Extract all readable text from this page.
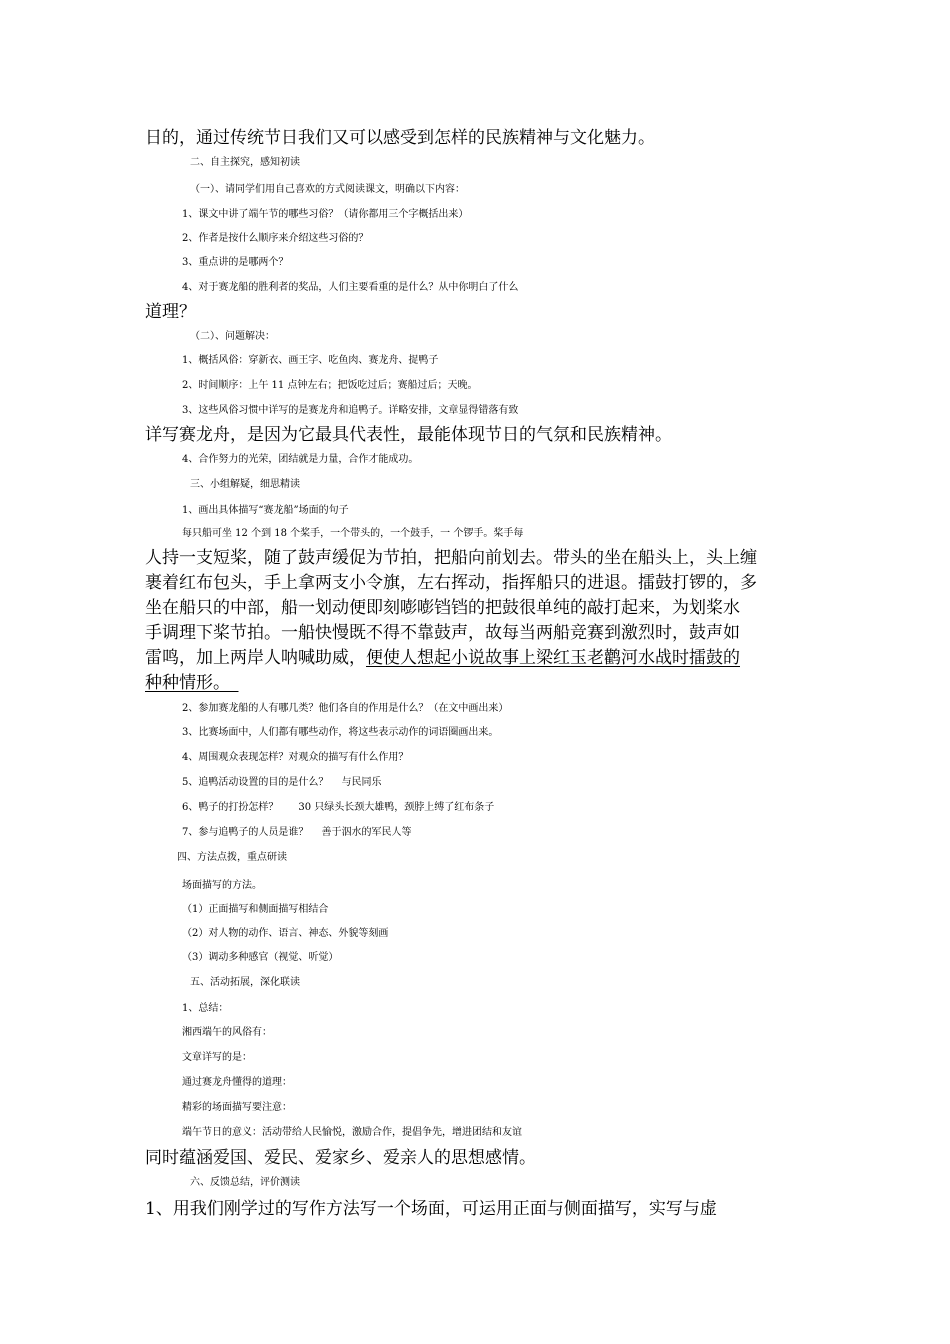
日的，通过传统节日我们又可以感受到怎样的民族精神与文化魅力。
二、自主探究，感知初读
（一）、请同学们用自己喜欢的方式阅读课文，明确以下内容：
1、课文中讲了端午节的哪些习俗？（请你都用三个字概括出来）
2、作者是按什么顺序来介绍这些习俗的？
3、重点讲的是哪两个？
4、对于赛龙船的胜利者的奖品，人们主要看重的是什么？从中你明白了什么
道理？
（二）、问题解决：
1、概括风俗：穿新衣、画王字、吃鱼肉、赛龙舟、捉鸭子
2、时间顺序：上午 11 点钟左右；把饭吃过后；赛船过后；天晚。
3、这些风俗习惯中详写的是赛龙舟和追鸭子。详略安排，文章显得错落有致
详写赛龙舟，是因为它最具代表性，最能体现节日的气氛和民族精神。
4、合作努力的光荣，团结就是力量，合作才能成功。
三、小组解疑，细思精读
1、画出具体描写“赛龙船”场面的句子
每只船可坐 12 个到 18 个桨手，一个带头的，一个鼓手，一 个锣手。桨手每
人持一支短桨，随了鼓声缓促为节拍，把船向前划去。带头的坐在船头上，头上缠
裹着红布包头，手上拿两支小令旗，左右挥动，指挥船只的进退。擂鼓打锣的，多
坐在船只的中部，船一划动便即刻嘭嘭铛铛的把鼓很单纯的敲打起来，为划桨水
手调理下桨节拍。一船快慢既不得不靠鼓声，故每当两船竞赛到激烈时，鼓声如
雷鸣，加上两岸人呐喊助威，便使人想起小说故事上梁红玉老鹳河水战时擂鼓的
种种情形。　
2、参加赛龙船的人有哪几类？他们各自的作用是什么？（在文中画出来）
3、比赛场面中，人们都有哪些动作，将这些表示动作的词语圈画出来。
4、周围观众表现怎样？对观众的描写有什么作用？
5、追鸭活动设置的目的是什么？　 与民同乐
6、鸭子的打扮怎样？　　30 只绿头长颈大雄鸭，颈脖上缚了红布条子
7、参与追鸭子的人员是谁？　 善于泅水的军民人等
四、方法点拨，重点研读
场面描写的方法。
（1）正面描写和侧面描写相结合
（2）对人物的动作、语言、神态、外貌等刻画
（3）调动多种感官（视觉、听觉）
五、活动拓展，深化联读
1、总结：
湘西端午的风俗有：
文章详写的是：
通过赛龙舟懂得的道理：
精彩的场面描写要注意：
端午节日的意义：活动带给人民愉悦，激励合作，提倡争先，增进团结和友谊
同时蕴涵爱国、爱民、爱家乡、爱亲人的思想感情。
六、反馈总结，评价测读
1、用我们刚学过的写作方法写一个场面，可运用正面与侧面描写，实写与虚
